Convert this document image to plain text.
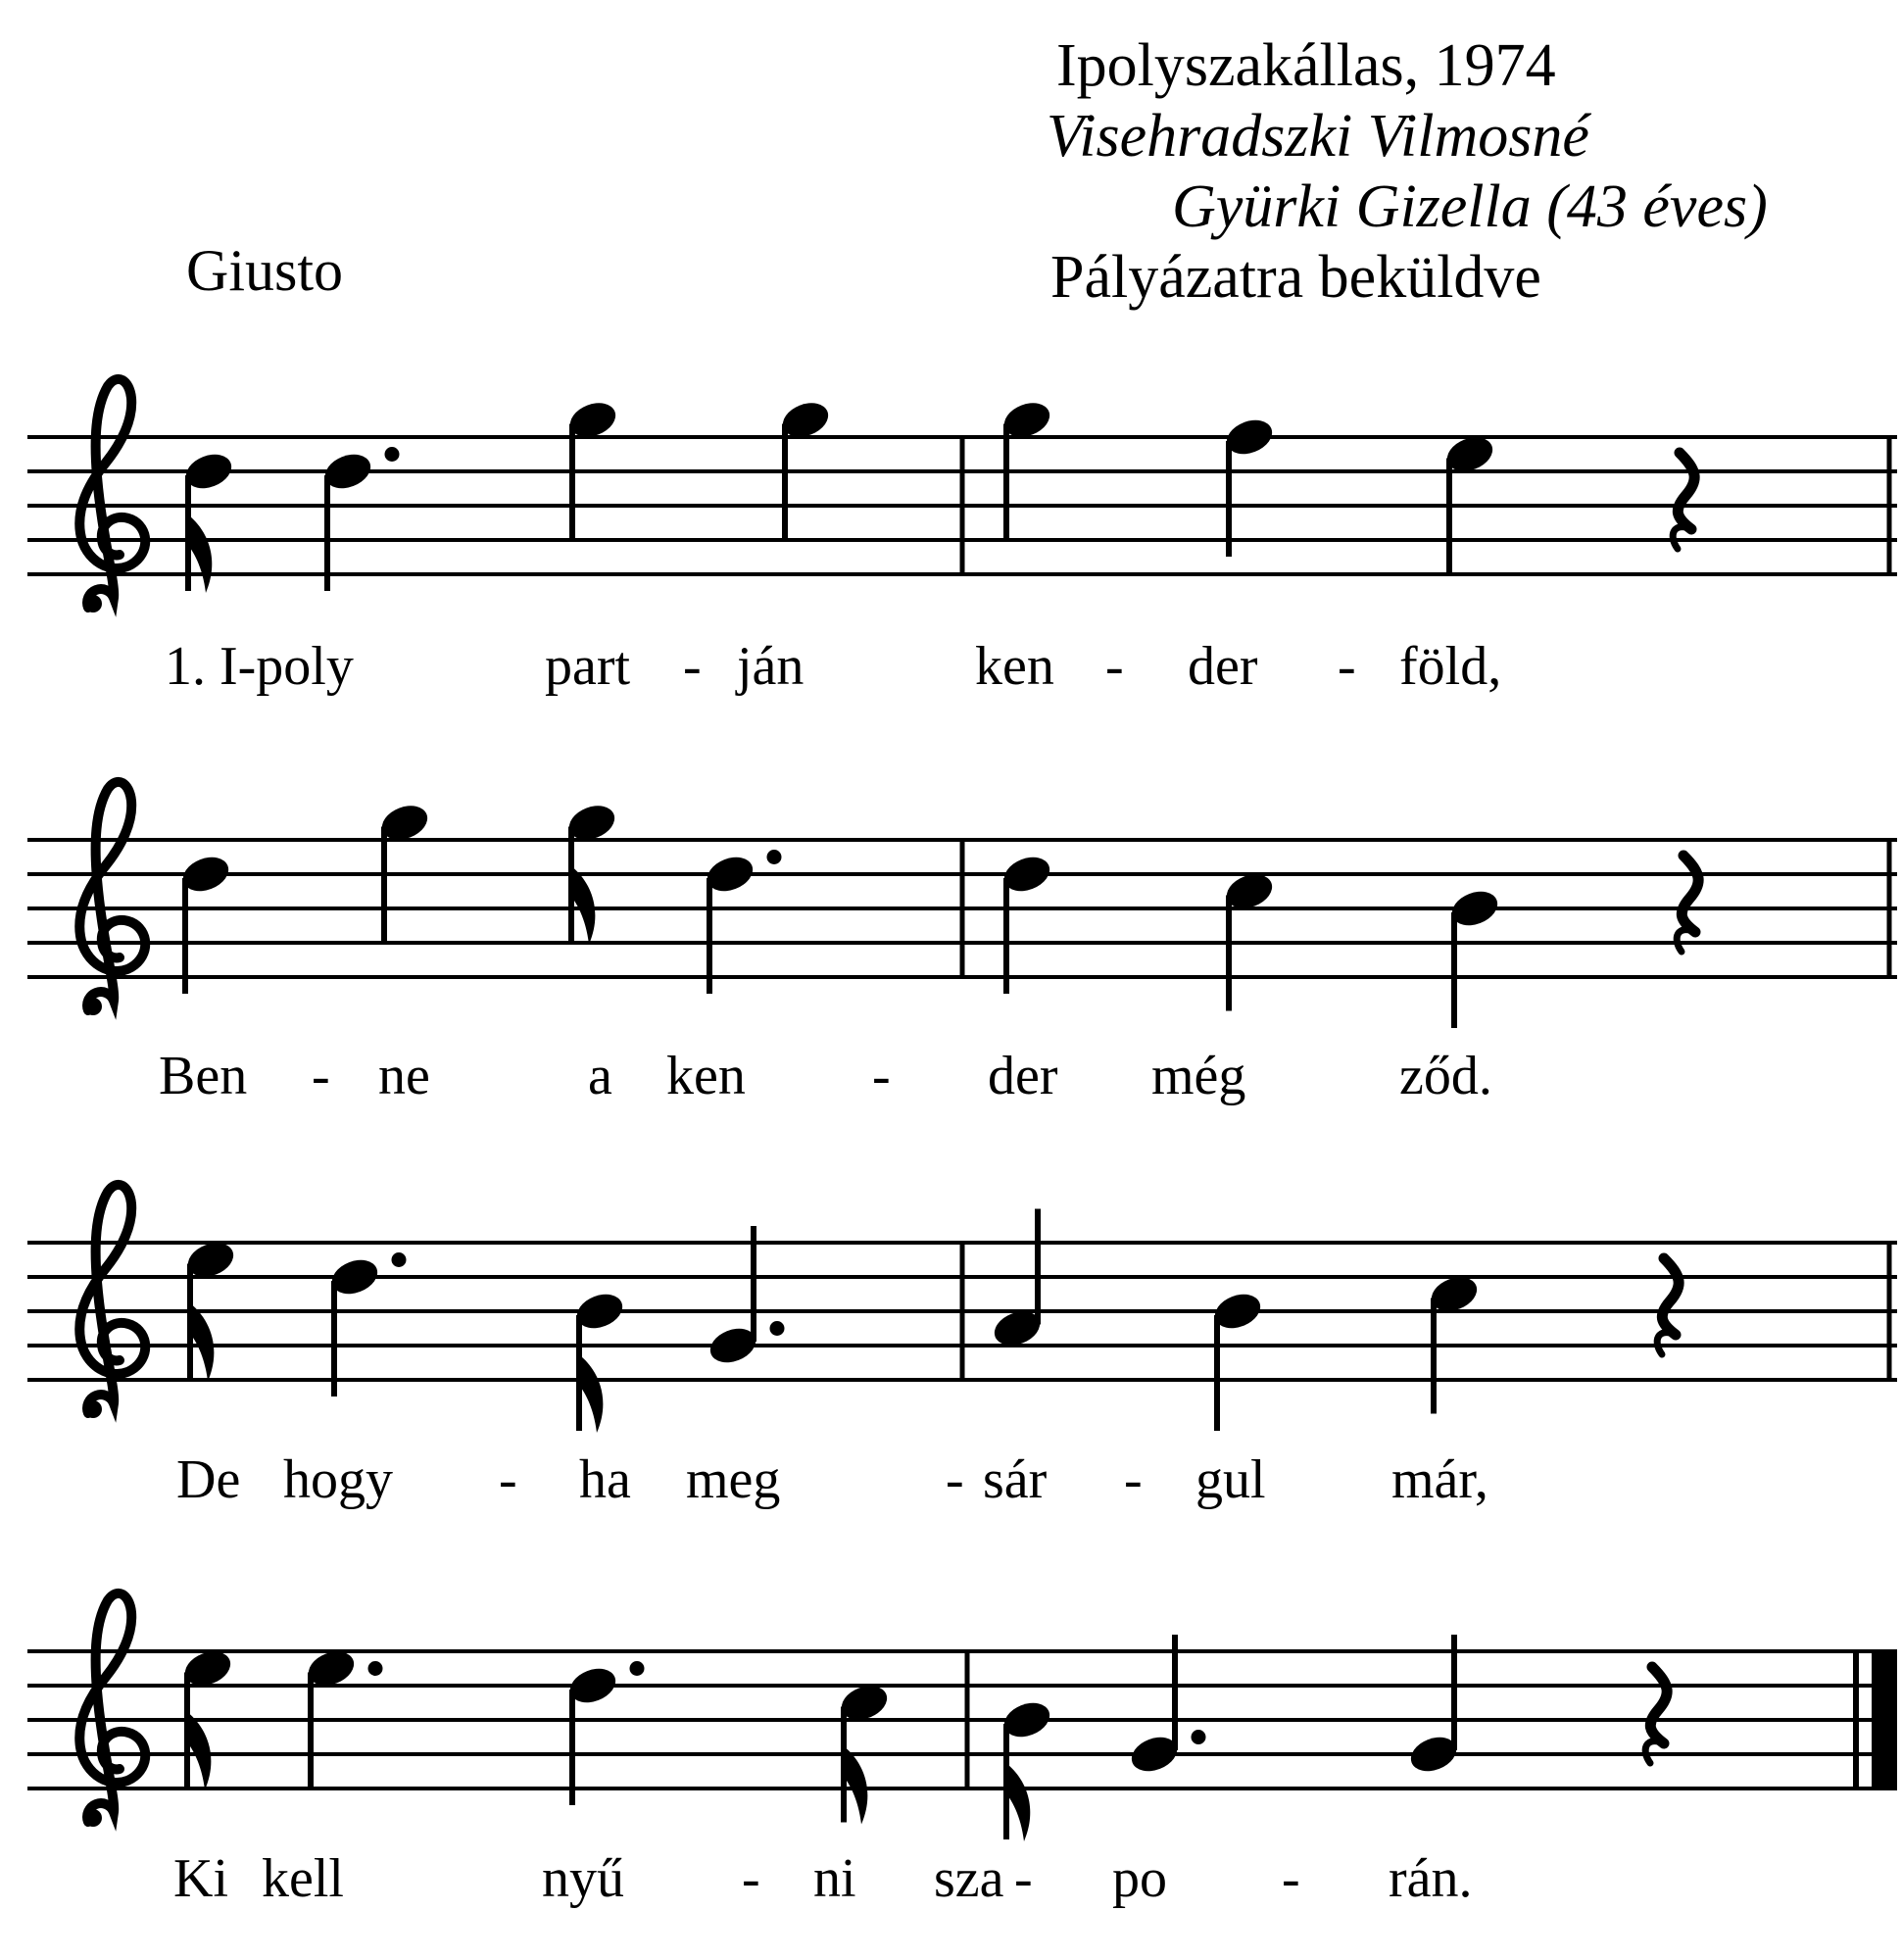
Ipolyszakállas, 1974
Visehradszki Vilmosné
Gyürki Gizella (43 éves)
Pályázatra beküldve
Giusto
1. I-poly	part - ján	ken - der - föld,
Ben - ne	a ken - der még	ződ.
De hogy - ha meg	- sár - gul már,
Ki kell	nyű - ni sza - po - rán.
